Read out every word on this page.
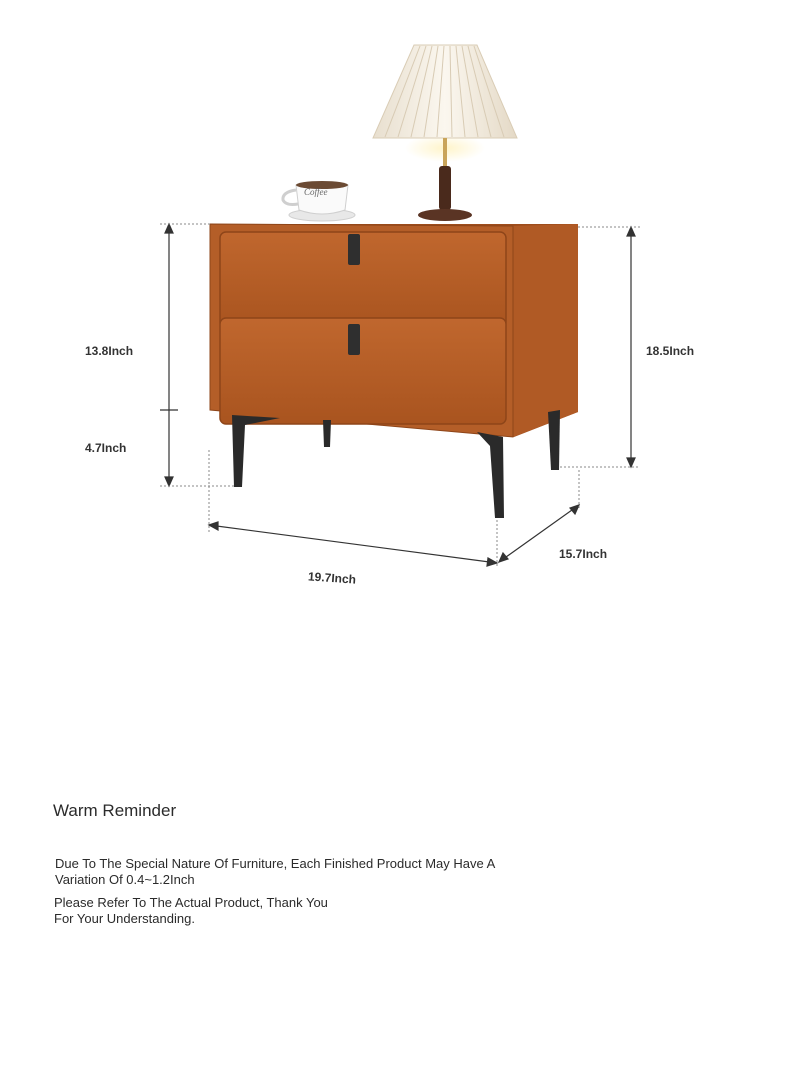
Coffee
13.8Inch
4.7Inch
18.5Inch
19.7Inch
15.7Inch
Warm Reminder
Due To The Special Nature Of Furniture, Each Finished Product May Have A
Variation Of 0.4~1.2Inch
Please Refer To The Actual Product, Thank You
For Your Understanding.
